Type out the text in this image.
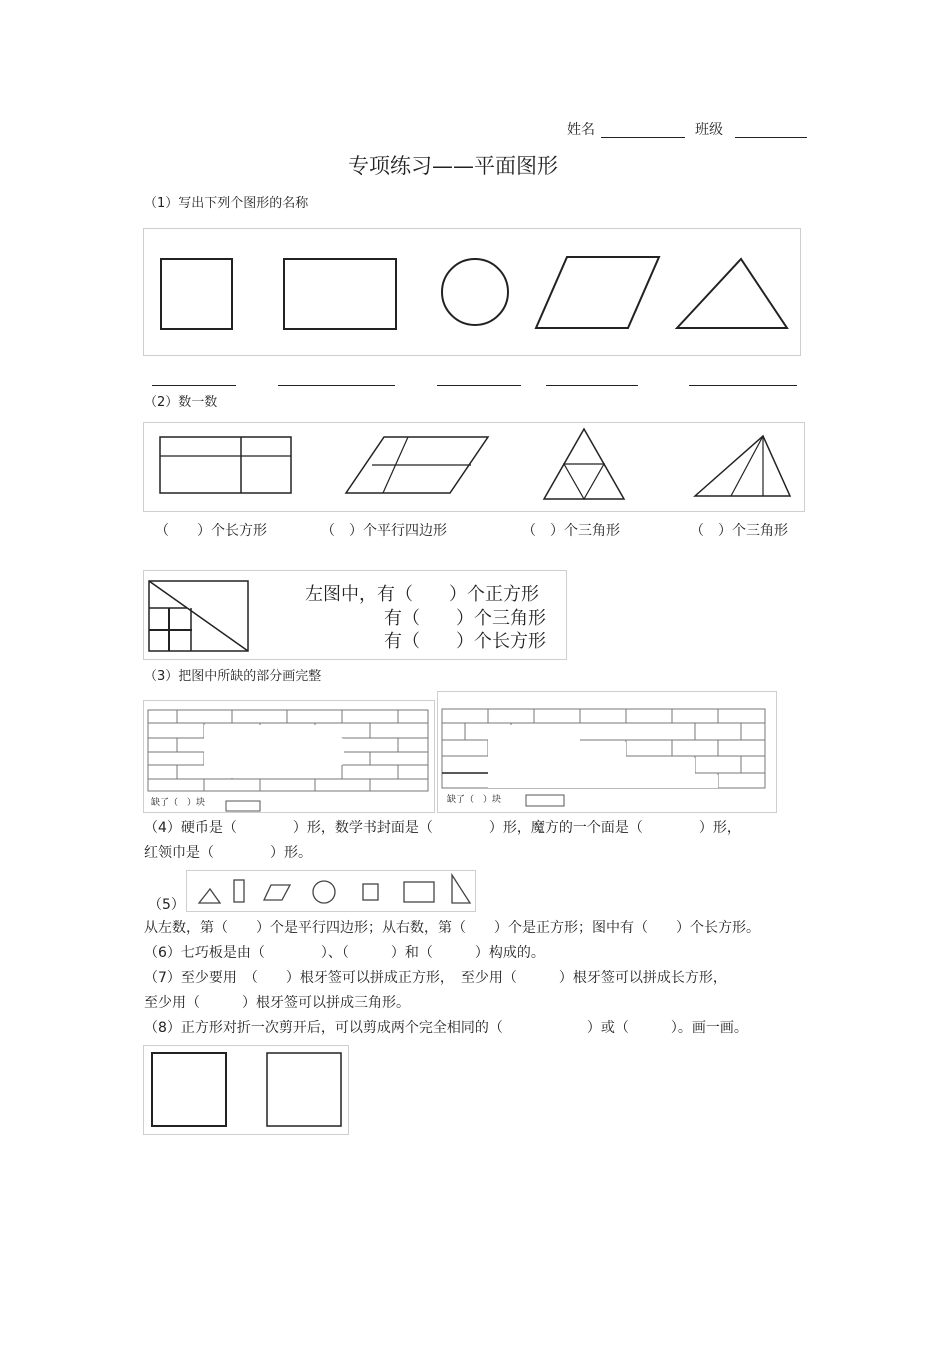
姓名	班级
专项练习——平面图形
（1）写出下列个图形的名称
（2）数一数
（　　）个长方形	（　）个平行四边形	（　）个三角形	（　）个三角形
左图中，有（　　）个正方形
有（　　）个三角形
有（　　）个长方形
（3）把图中所缺的部分画完整
缺了（　）块	缺了（　）块
（4）硬币是（　　　　）形，数学书封面是（　　　　）形，魔方的一个面是（　　　　）形，
红领巾是（　　　　）形。
（5）
从左数，第（　　）个是平行四边形；从右数，第（　　）个是正方形；图中有（　　）个长方形。
（6）七巧板是由（　　　　）、（　　　）和（　　　）构成的。
（7）至少要用　（　　）根牙签可以拼成正方形，　至少用（　　　）根牙签可以拼成长方形，
至少用（　　　）根牙签可以拼成三角形。
（8）正方形对折一次剪开后，可以剪成两个完全相同的（　　　　　　）或（　　　）。画一画。
